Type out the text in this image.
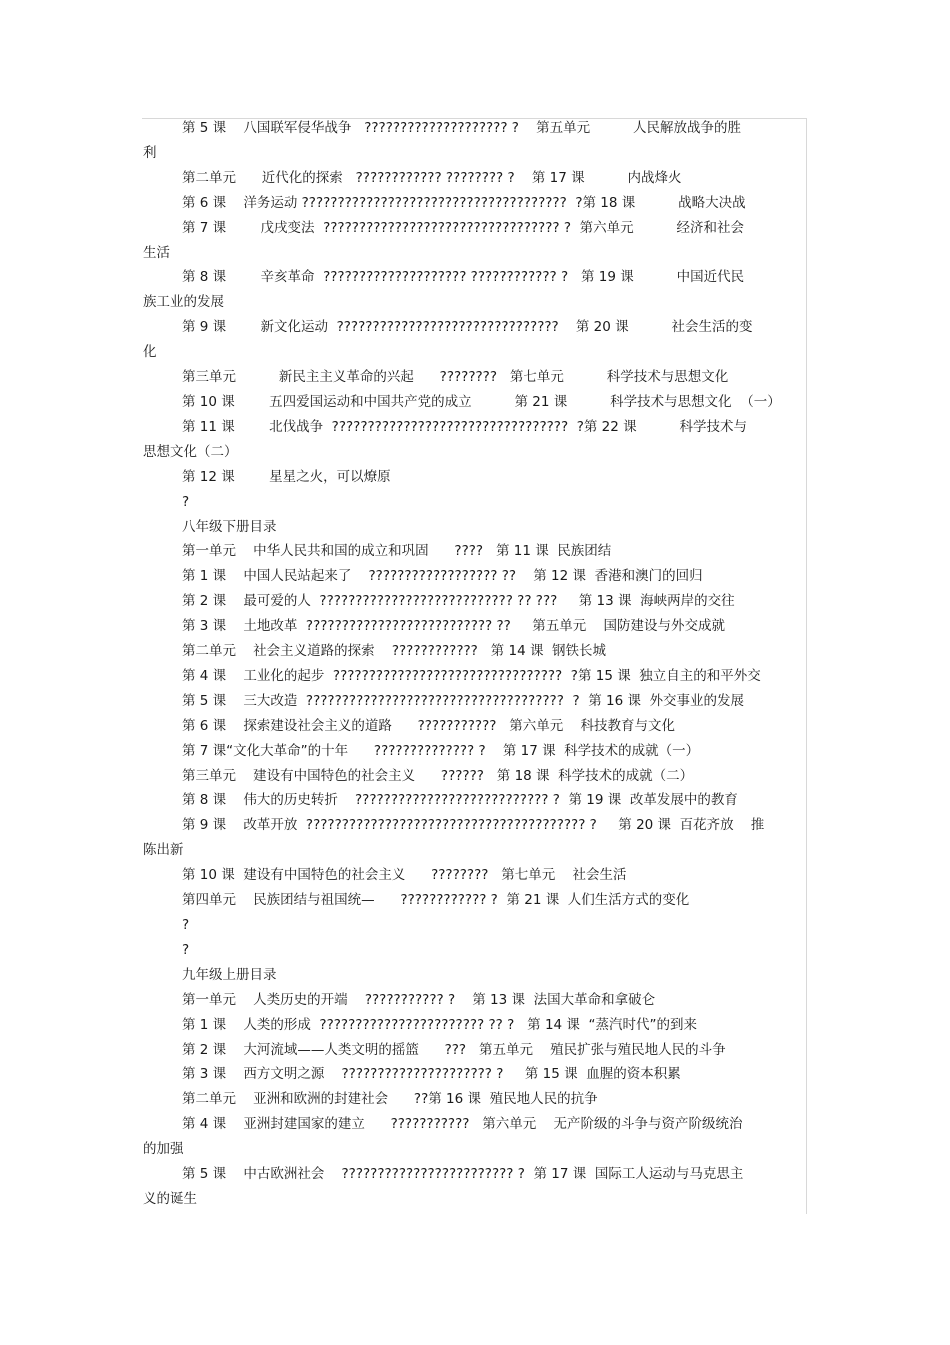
第 5 课    八国联军侵华战争   ???????????????????? ?    第五单元          人民解放战争的胜

利

第二单元      近代化的探索   ???????????? ???????? ?    第 17 课          内战烽火

第 6 课    洋务运动 ?????????????????????????????????????  ?第 18 课          战略大决战

第 7 课        戊戌变法  ????????????????????????????????? ?  第六单元          经济和社会

生活

第 8 课        辛亥革命  ???????????????????? ???????????? ?   第 19 课          中国近代民

族工业的发展

第 9 课        新文化运动  ???????????????????????????????    第 20 课          社会生活的变

化

第三单元          新民主主义革命的兴起      ????????   第七单元          科学技术与思想文化

第 10 课        五四爱国运动和中国共产党的成立          第 21 课          科学技术与思想文化  （一）

第 11 课        北伐战争  ?????????????????????????????????  ?第 22 课          科学技术与

思想文化（二）

第 12 课        星星之火，可以燎原

?

八年级下册目录

第一单元    中华人民共和国的成立和巩固      ????   第 11 课  民族团结

第 1 课    中国人民站起来了    ?????????????????? ??    第 12 课  香港和澳门的回归

第 2 课    最可爱的人  ??????????????????????????? ?? ???     第 13 课  海峡两岸的交往

第 3 课    土地改革  ?????????????????????????? ??     第五单元    国防建设与外交成就

第二单元    社会主义道路的探索    ????????????   第 14 课  钢铁长城

第 4 课    工业化的起步  ????????????????????????????????  ?第 15 课  独立自主的和平外交

第 5 课    三大改造  ????????????????????????????????????  ?  第 16 课  外交事业的发展

第 6 课    探索建设社会主义的道路      ???????????   第六单元    科技教育与文化

第 7 课“文化大革命”的十年      ?????????????? ?    第 17 课  科学技术的成就（一）

第三单元    建设有中国特色的社会主义      ??????   第 18 课  科学技术的成就（二）

第 8 课    伟大的历史转折    ??????????????????????????? ?  第 19 课  改革发展中的教育

第 9 课    改革开放  ??????????????????????????????????????? ?     第 20 课  百花齐放    推

陈出新

第 10 课  建设有中国特色的社会主义      ????????   第七单元    社会生活

第四单元    民族团结与祖国统—      ???????????? ?  第 21 课  人们生活方式的变化

?

?

九年级上册目录

第一单元    人类历史的开端    ??????????? ?    第 13 课  法国大革命和拿破仑

第 1 课    人类的形成  ??????????????????????? ?? ?   第 14 课  “蒸汽时代”的到来

第 2 课    大河流域——人类文明的摇篮      ???   第五单元    殖民扩张与殖民地人民的斗争

第 3 课    西方文明之源    ????????????????????? ?     第 15 课  血腥的资本积累

第二单元    亚洲和欧洲的封建社会      ??第 16 课  殖民地人民的抗争

第 4 课    亚洲封建国家的建立      ???????????   第六单元    无产阶级的斗争与资产阶级统治

的加强

第 5 课    中古欧洲社会    ???????????????????????? ?  第 17 课  国际工人运动与马克思主

义的诞生
